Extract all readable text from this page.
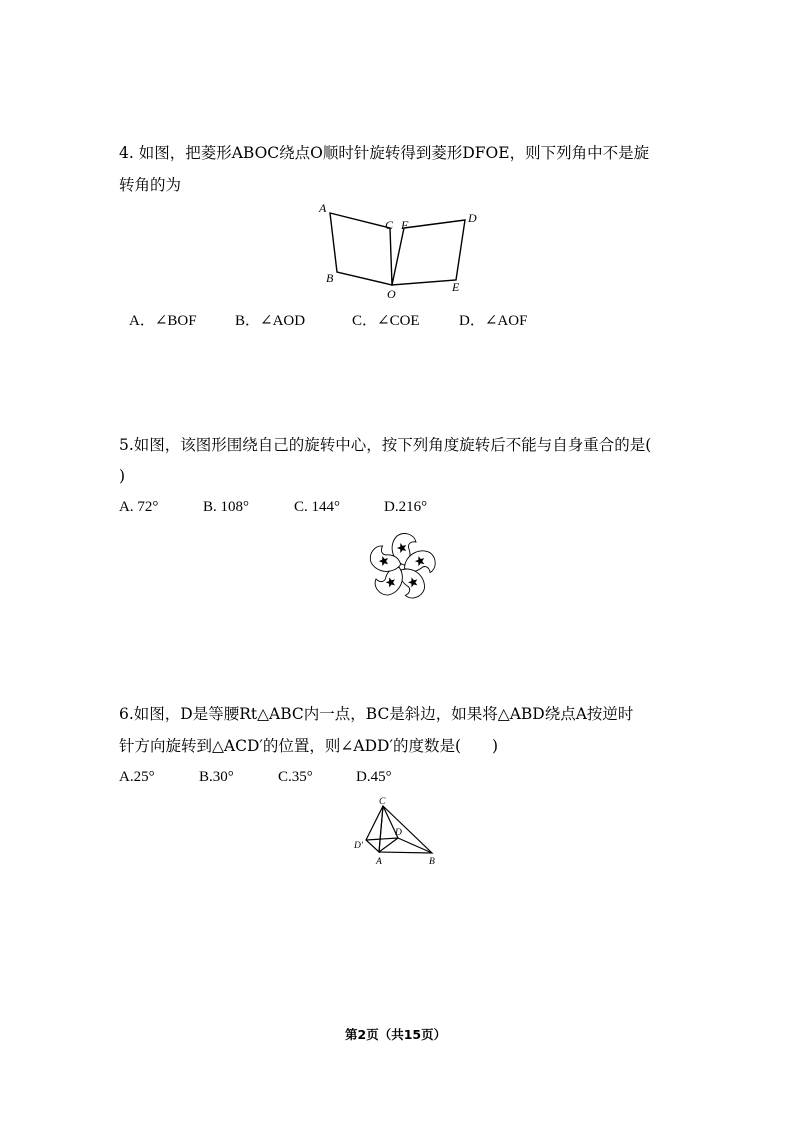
4. 如图，把菱形ABOC绕点O顺时针旋转得到菱形DFOE，则下列角中不是旋
转角的为
A
B
C F	D
O	E
A．∠BOF	B．∠AOD	C．∠COE	D．∠AOF
5.如图，该图形围绕自己的旋转中心，按下列角度旋转后不能与自身重合的是(
)
A. 72°	B. 108°	C. 144°	D.216°
6.如图，D是等腰Rt△ABC内一点，BC是斜边，如果将△ABD绕点A按逆时
针方向旋转到△ACD′的位置，则∠ADD′的度数是(　　)
A.25°	B.30°	C.35°	D.45°
C
D
D′
A	B
第2页（共15页）
